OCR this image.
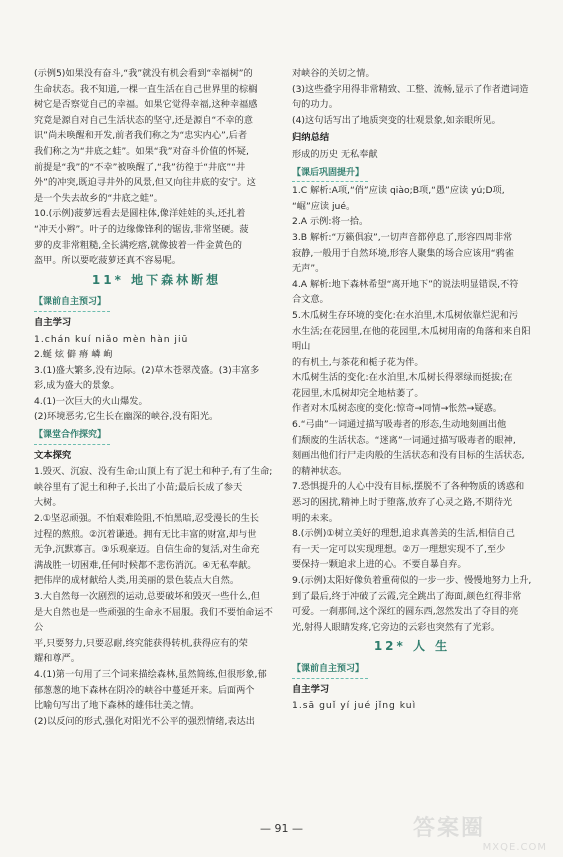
(示例5)如果没有奋斗,“我”就没有机会看到“幸福树”的

生命状态。我不知道,一棵一直生活在自己世界里的棕榈

树它是否察觉自己的幸福。如果它觉得幸福,这种幸福感

究竟是源自对自己生活状态的坚守,还是源自“不幸的意

识”尚未唤醒和开发,前者我们称之为“忠实内心”,后者

我们称之为“井底之蛙”。如果“我”对奋斗价值的怀疑,

前提是“我”的“不幸”被唤醒了,“我”彷徨于“井底”“井

外”的冲突,既迫寻井外的风景,但又向往井底的安宁。这

是一个失去故乡的“井底之蛙”。

10.(示例)菠萝远看去是圆柱体,像洋娃娃的头,还扎着

“冲天小辫”。叶子的边缘像锋利的锯齿,非常坚硬。菠

萝的皮非常粗糙,全长满疙瘩,就像披着一件金黄色的

盔甲。所以要吃菠萝还真不容易呢。

11* 地下森林断想
【课前自主预习】
自主学习

1.chán kuí niǎo mèn hàn jiū

2.蜒 炫 僻 瘠 嶙 峋

3.(1)盛大繁多,没有边际。(2)草木苍翠茂盛。(3)丰富多

彩,成为盛大的景象。

4.(1)一次巨大的火山爆发。

(2)环境恶劣,它生长在幽深的峡谷,没有阳光。

【课堂合作探究】
文本探究

1.毁灭、沉寂、没有生命;山顶上有了泥土和种子,有了生命;

峡谷里有了泥土和种子,长出了小苗;最后长成了参天

大树。

2.①坚忍顽强。不怕艰难险阻,不怕黑暗,忍受漫长的生长

过程的熬煎。②沉着谦逊。拥有无比丰富的财富,却与世

无争,沉默寡言。③乐观豪迈。自信生命的复活,对生命充

满战胜一切困难,任何时候都不悲伤消沉。④无私奉献。

把伟岸的成材献给人类,用美丽的景色装点大自然。

3.大自然每一次剧烈的运动,总要破坏和毁灭一些什么,但

是大自然也是一些顽强的生命永不屈服。我们不要怕命运不公

平,只要努力,只要忍耐,终究能获得转机,获得应有的荣

耀和尊严。

4.(1)第一句用了三个词来描绘森林,虽然简练,但很形象,郁

郁葱葱的地下森林在阴冷的峡谷中蔓延开来。后面两个

比喻句写出了地下森林的雄伟壮美之情。

(2)以反问的形式,强化对阳光不公平的强烈情绪,表达出

对峡谷的关切之情。

(3)这些叠字用得非常精致、工整、流畅,显示了作者遣词造

句的功力。

(4)这句话写出了地质突变的壮观景象,如亲眼所见。

归纳总结

形成的历史 无私奉献

【课后巩固提升】

1.C 解析:A项,“俏”应读 qiào;B项,“愚”应读 yú;D项,

“崛”应读 jué。

2.A 示例:将一拾。

3.B 解析:“万籁俱寂”,一切声音都停息了,形容四周非常

寂静,一般用于自然环境,形容人聚集的场合应该用“鸦雀

无声”。

4.A 解析:地下森林希望“离开地下”的说法明显错误,不符

合文意。

5.木瓜树生存环境的变化:在水泊里,木瓜树依靠烂泥和污

水生活;在花园里,在他的花园里,木瓜树用南的角落和来自阳明山

的有机土,与茶花和栀子花为伴。

木瓜树生活的变化:在水泊里,木瓜树长得翠绿而挺拔;在

花园里,木瓜树却完全地枯萎了。

作者对木瓜树态度的变化:惊奇→同情→怅然→疑惑。

6.“弓曲”一词通过描写吸毒者的形态,生动地刻画出他

们颓废的生活状态。“迷离”一词通过描写吸毒者的眼神,

刻画出他们行尸走肉般的生活状态和没有目标的生活状态,

的精神状态。

7.恐惧提升的人心中没有目标,摆脱不了各种物质的诱惑和

恶习的困扰,精神上时于堕落,放弃了心灵之路,不期待光

明的未来。

8.(示例)①树立美好的理想,追求真善美的生活,相信自己

有一天一定可以实现理想。②万一理想实现不了,至少

要保持一颗追求上进的心。不要自暴自弃。

9.(示例)太阳好像负着重荷似的一步一步、慢慢地努力上升,

到了最后,终于冲破了云霞,完全跳出了海面,颜色红得非常

可爱。一刹那间,这个深红的圆东西,忽然发出了夺目的亮

光,射得人眼睛发疼,它旁边的云彩也突然有了光彩。

12* 人 生
【课前自主预习】
自主学习

1.sā guǐ yí jué jǐng kuì

— 91 —	答案圈
MXQE.COM
